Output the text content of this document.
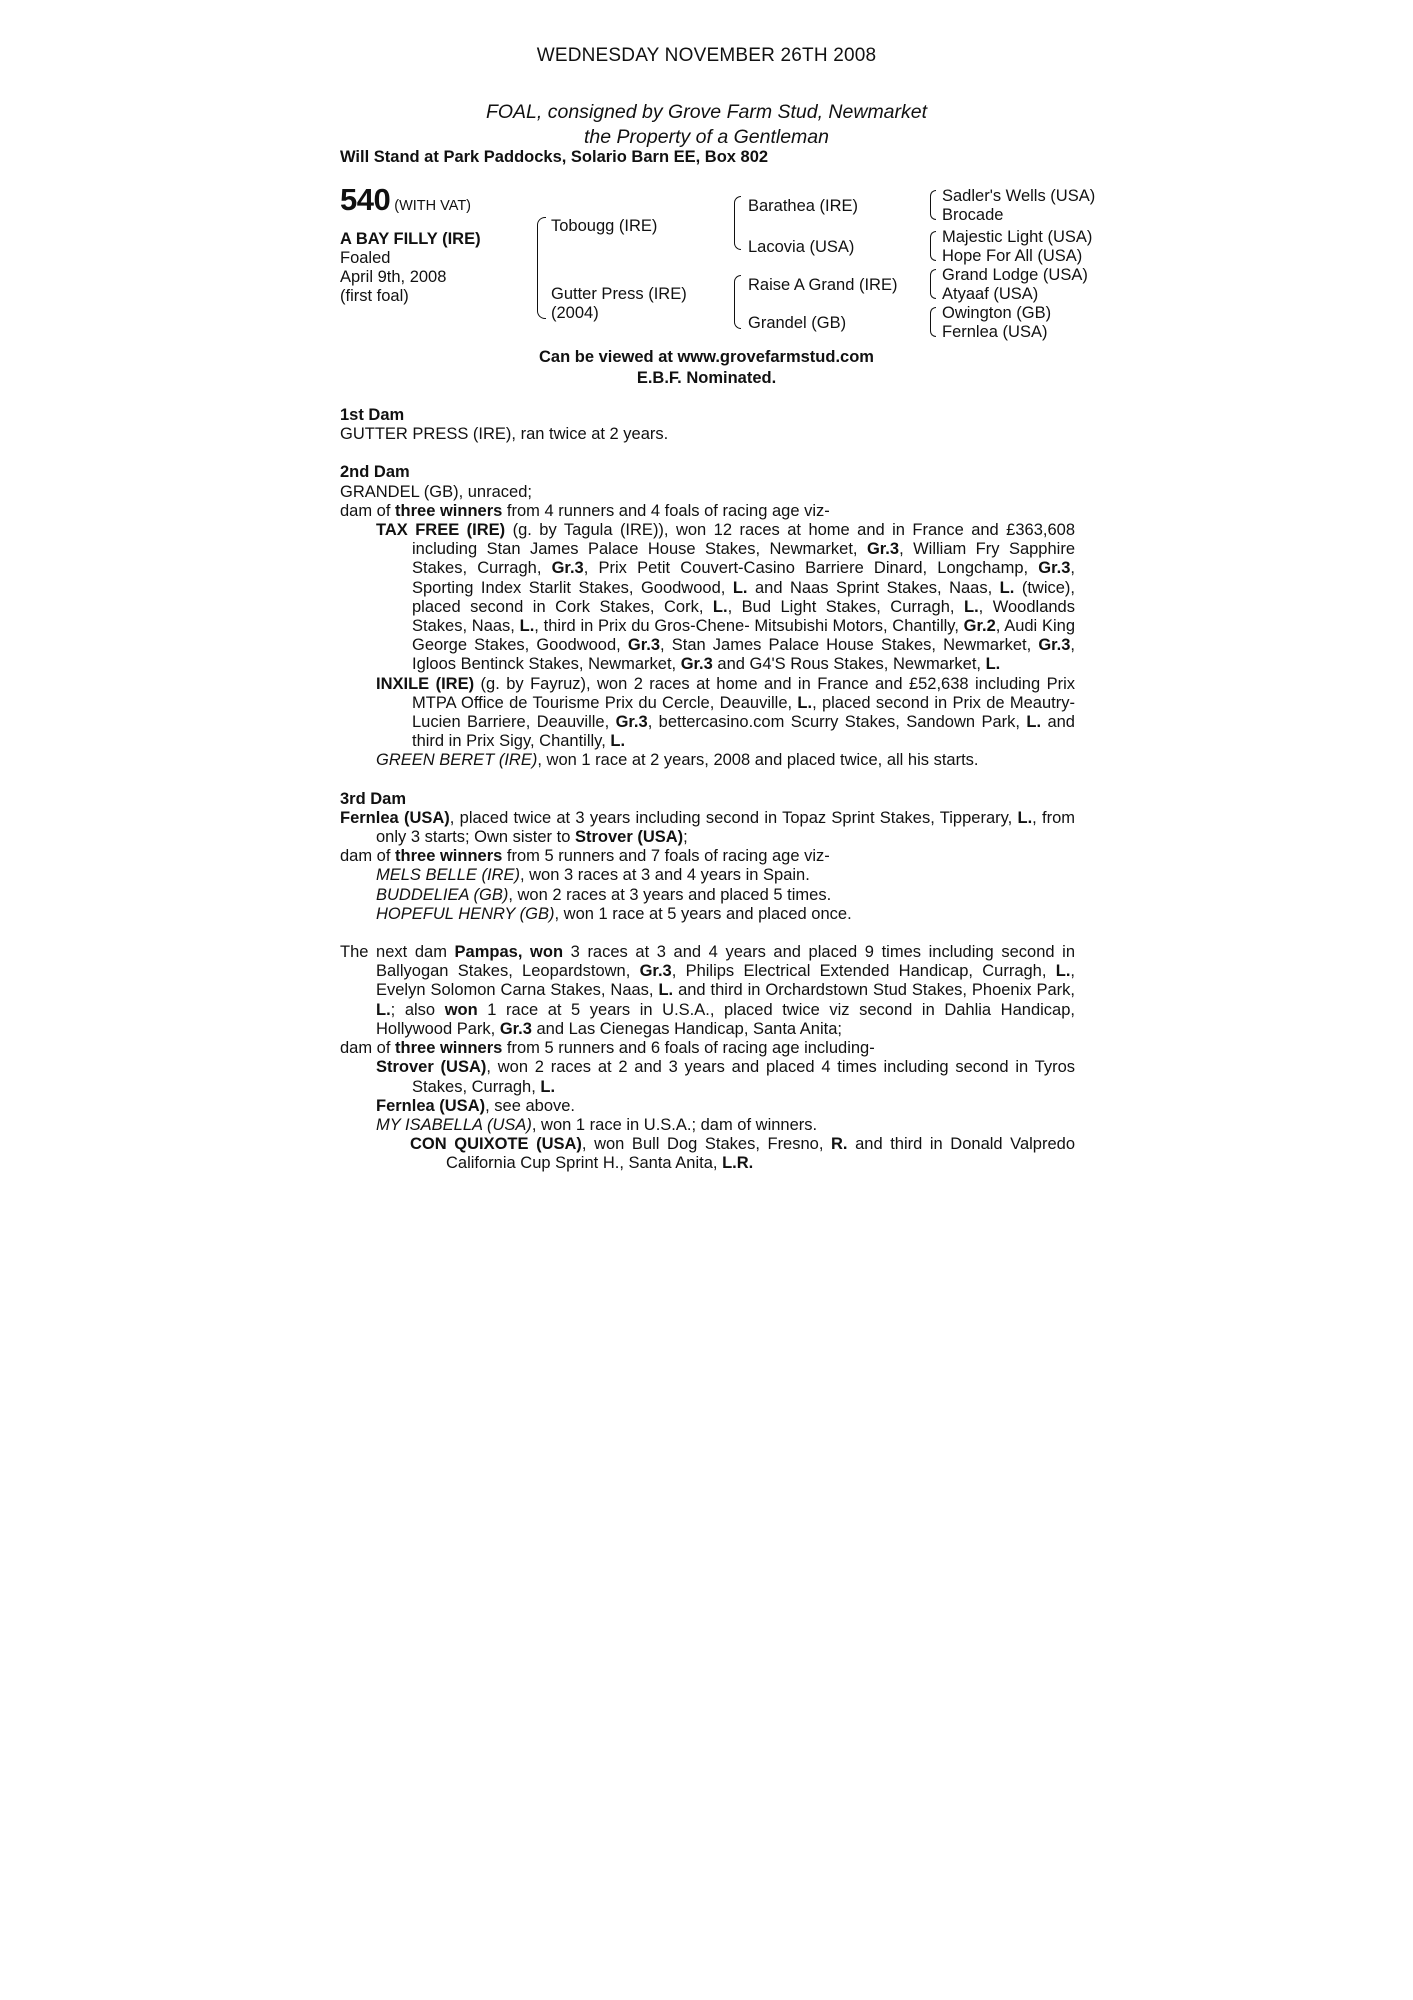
WEDNESDAY NOVEMBER 26TH 2008
FOAL, consigned by Grove Farm Stud, Newmarket
the Property of a Gentleman
Will Stand at Park Paddocks, Solario Barn EE, Box 802
540 (WITH VAT)
A BAY FILLY (IRE)
Foaled
April 9th, 2008
(first foal)
Tobougg (IRE)
Gutter Press (IRE)
(2004)
Barathea (IRE)
Lacovia (USA)
Raise A Grand (IRE)
Grandel (GB)
Sadler's Wells (USA)
Brocade
Majestic Light (USA)
Hope For All (USA)
Grand Lodge (USA)
Atyaaf (USA)
Owington (GB)
Fernlea (USA)
Can be viewed at www.grovefarmstud.com
E.B.F. Nominated.
1st Dam
GUTTER PRESS (IRE), ran twice at 2 years.
2nd Dam
GRANDEL (GB), unraced;
dam of three winners from 4 runners and 4 foals of racing age viz-
TAX FREE (IRE) (g. by Tagula (IRE)), won 12 races at home and in France and £363,608 including Stan James Palace House Stakes, Newmarket, Gr.3, William Fry Sapphire Stakes, Curragh, Gr.3, Prix Petit Couvert-Casino Barriere Dinard, Longchamp, Gr.3, Sporting Index Starlit Stakes, Goodwood, L. and Naas Sprint Stakes, Naas, L. (twice), placed second in Cork Stakes, Cork, L., Bud Light Stakes, Curragh, L., Woodlands Stakes, Naas, L., third in Prix du Gros-Chene- Mitsubishi Motors, Chantilly, Gr.2, Audi King George Stakes, Goodwood, Gr.3, Stan James Palace House Stakes, Newmarket, Gr.3, Igloos Bentinck Stakes, Newmarket, Gr.3 and G4'S Rous Stakes, Newmarket, L.
INXILE (IRE) (g. by Fayruz), won 2 races at home and in France and £52,638 including Prix MTPA Office de Tourisme Prix du Cercle, Deauville, L., placed second in Prix de Meautry- Lucien Barriere, Deauville, Gr.3, bettercasino.com Scurry Stakes, Sandown Park, L. and third in Prix Sigy, Chantilly, L.
GREEN BERET (IRE), won 1 race at 2 years, 2008 and placed twice, all his starts.
3rd Dam
Fernlea (USA), placed twice at 3 years including second in Topaz Sprint Stakes, Tipperary, L., from only 3 starts; Own sister to Strover (USA);
dam of three winners from 5 runners and 7 foals of racing age viz-
MELS BELLE (IRE), won 3 races at 3 and 4 years in Spain.
BUDDELIEA (GB), won 2 races at 3 years and placed 5 times.
HOPEFUL HENRY (GB), won 1 race at 5 years and placed once.
The next dam Pampas, won 3 races at 3 and 4 years and placed 9 times including second in Ballyogan Stakes, Leopardstown, Gr.3, Philips Electrical Extended Handicap, Curragh, L., Evelyn Solomon Carna Stakes, Naas, L. and third in Orchardstown Stud Stakes, Phoenix Park, L.; also won 1 race at 5 years in U.S.A., placed twice viz second in Dahlia Handicap, Hollywood Park, Gr.3 and Las Cienegas Handicap, Santa Anita;
dam of three winners from 5 runners and 6 foals of racing age including-
Strover (USA), won 2 races at 2 and 3 years and placed 4 times including second in Tyros Stakes, Curragh, L.
Fernlea (USA), see above.
MY ISABELLA (USA), won 1 race in U.S.A.; dam of winners.
CON QUIXOTE (USA), won Bull Dog Stakes, Fresno, R. and third in Donald Valpredo California Cup Sprint H., Santa Anita, L.R.
